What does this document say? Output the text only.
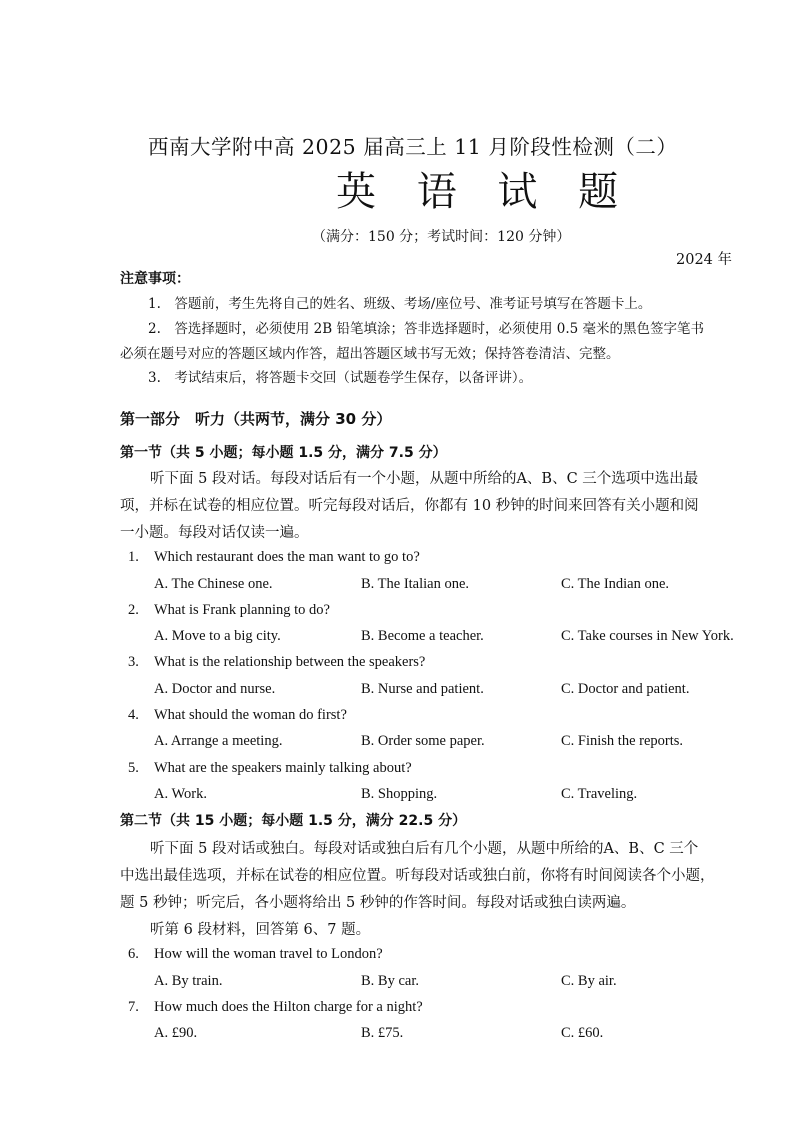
西南大学附中高 2025 届高三上 11 月阶段性检测（二）
英 语 试 题
（满分：150 分；考试时间：120 分钟）
2024 年
注意事项：
1.　答题前，考生先将自己的姓名、班级、考场/座位号、准考证号填写在答题卡上。
2.　答选择题时，必须使用 2B 铅笔填涂；答非选择题时，必须使用 0.5 毫米的黑色签字笔书
必须在题号对应的答题区域内作答，超出答题区域书写无效；保持答卷清洁、完整。
3.　考试结束后，将答题卡交回（试题卷学生保存，以备评讲）。
第一部分　听力（共两节，满分 30 分）
第一节（共 5 小题；每小题 1.5 分，满分 7.5 分）
听下面 5 段对话。每段对话后有一个小题，从题中所给的A、B、C 三个选项中选出最
项，并标在试卷的相应位置。听完每段对话后，你都有 10 秒钟的时间来回答有关小题和阅
一小题。每段对话仅读一遍。
1. Which restaurant does the man want to go to?
A. The Chinese one.	B. The Italian one.	C. The Indian one.
2. What is Frank planning to do?
A. Move to a big city.	B. Become a teacher.	C. Take courses in New York.
3. What is the relationship between the speakers?
A. Doctor and nurse.	B. Nurse and patient.	C. Doctor and patient.
4. What should the woman do first?
A. Arrange a meeting.	B. Order some paper.	C. Finish the reports.
5. What are the speakers mainly talking about?
A. Work.	B. Shopping.	C. Traveling.
第二节（共 15 小题；每小题 1.5 分，满分 22.5 分）
听下面 5 段对话或独白。每段对话或独白后有几个小题，从题中所给的A、B、C 三个
中选出最佳选项，并标在试卷的相应位置。听每段对话或独白前，你将有时间阅读各个小题，
题 5 秒钟；听完后，各小题将给出 5 秒钟的作答时间。每段对话或独白读两遍。
听第 6 段材料，回答第 6、7 题。
6. How will the woman travel to London?
A. By train.	B. By car.	C. By air.
7. How much does the Hilton charge for a night?
A. £90.	B. £75.	C. £60.
